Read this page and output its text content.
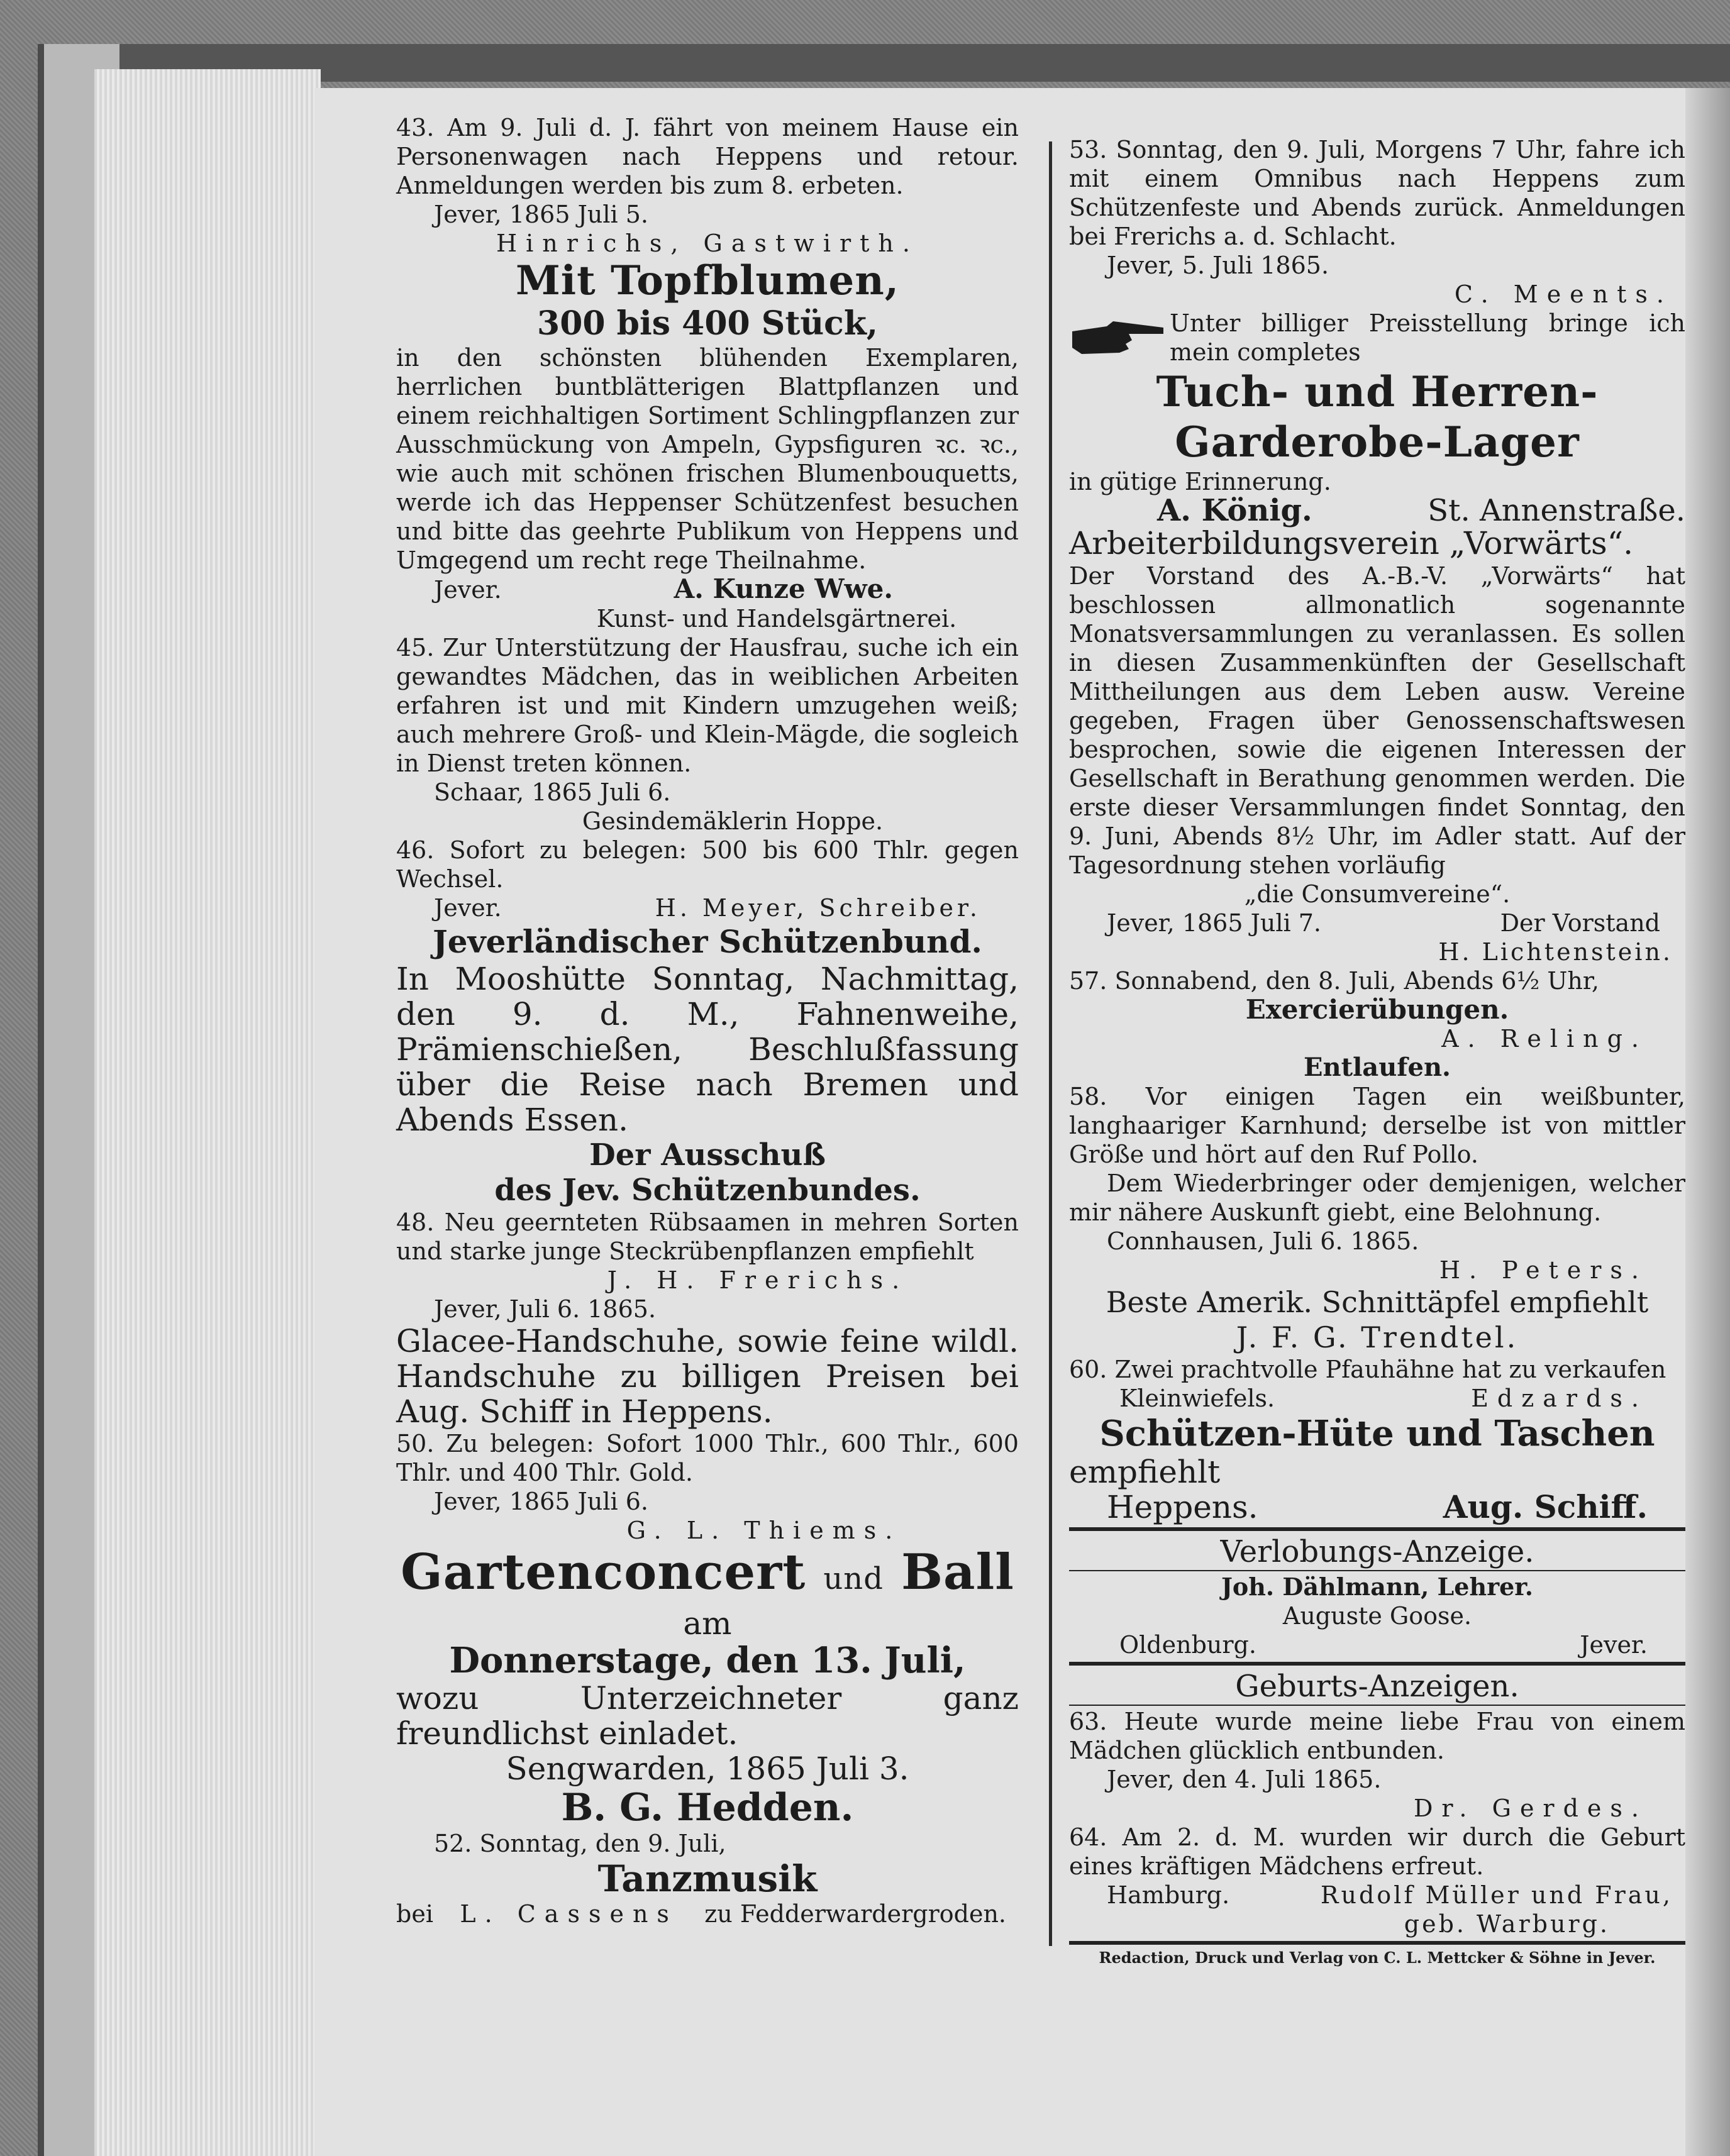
43. Am 9. Juli d. J. fährt von meinem Hause ein Personenwagen nach Heppens und retour. Anmeldungen werden bis zum 8. erbeten.

Jever, 1865 Juli 5.

Hinrichs, Gastwirth.

Mit Topfblumen,
300 bis 400 Stück,

in den schönsten blühenden Exemplaren, herrlichen buntblätterigen Blattpflanzen und einem reichhaltigen Sortiment Schlingpflanzen zur Ausschmückung von Ampeln, Gypsfiguren ꝛc. ꝛc., wie auch mit schönen frischen Blumenbouquetts, werde ich das Heppenser Schützenfest besuchen und bitte das geehrte Publikum von Heppens und Umgegend um recht rege Theilnahme.

Jever.	A. Kunze Wwe.

Kunst- und Handelsgärtnerei.

45. Zur Unterstützung der Hausfrau, suche ich ein gewandtes Mädchen, das in weiblichen Arbeiten erfahren ist und mit Kindern umzugehen weiß; auch mehrere Groß- und Klein-Mägde, die sogleich in Dienst treten können.

Schaar, 1865 Juli 6.

Gesindemäklerin Hoppe.

46. Sofort zu belegen: 500 bis 600 Thlr. gegen Wechsel.

Jever.	H. Meyer, Schreiber.
Jeverländischer Schützenbund.

In Mooshütte Sonntag, Nachmittag, den 9. d. M., Fahnenweihe, Prämienschießen, Beschlußfassung über die Reise nach Bremen und Abends Essen.

Der Ausschuß
des Jev. Schützenbundes.

48. Neu geernteten Rübsaamen in mehren Sorten und starke junge Steckrübenpflanzen empfiehlt

J. H. Frerichs.

Jever, Juli 6. 1865.

Glacee-Handschuhe, sowie feine wildl. Handschuhe zu billigen Preisen bei Aug. Schiff in Heppens.

50. Zu belegen: Sofort 1000 Thlr., 600 Thlr., 600 Thlr. und 400 Thlr. Gold.

Jever, 1865 Juli 6.

G. L. Thiems.

Gartenconcert und Ball
am
Donnerstage, den 13. Juli,

wozu Unterzeichneter ganz freundlichst einladet.

Sengwarden, 1865 Juli 3.

B. G. Hedden.

52. Sonntag, den 9. Juli,

Tanzmusik
bei L. Cassens zu Fedderwardergroden.

53. Sonntag, den 9. Juli, Morgens 7 Uhr, fahre ich mit einem Omnibus nach Heppens zum Schützenfeste und Abends zurück. Anmeldungen bei Frerichs a. d. Schlacht.

Jever, 5. Juli 1865.

C. Meents.

Unter billiger Preisstellung bringe ich mein completes

Tuch- und Herren-
Garderobe-Lager

in gütige Erinnerung.

A. König.	St. Annenstraße.

Arbeiterbildungsverein „Vorwärts“.

Der Vorstand des A.-B.-V. „Vorwärts“ hat beschlossen allmonatlich sogenannte Monatsversammlungen zu veranlassen. Es sollen in diesen Zusammenkünften der Gesellschaft Mittheilungen aus dem Leben ausw. Vereine gegeben, Fragen über Genossenschaftswesen besprochen, sowie die eigenen Interessen der Gesellschaft in Berathung genommen werden. Die erste dieser Versammlungen findet Sonntag, den 9. Juni, Abends 8½ Uhr, im Adler statt. Auf der Tagesordnung stehen vorläufig

„die Consumvereine“.

Jever, 1865 Juli 7.	Der Vorstand

H. Lichtenstein.

57. Sonnabend, den 8. Juli, Abends 6½ Uhr,

Exercierübungen.

A. Reling.

Entlaufen.

58. Vor einigen Tagen ein weißbunter, langhaariger Karnhund; derselbe ist von mittler Größe und hört auf den Ruf Pollo.

Dem Wiederbringer oder demjenigen, welcher mir nähere Auskunft giebt, eine Belohnung.

Connhausen, Juli 6. 1865.

H. Peters.

Beste Amerik. Schnittäpfel empfiehlt

J. F. G. Trendtel.

60. Zwei prachtvolle Pfauhähne hat zu verkaufen

Kleinwiefels.	Edzards.
Schützen-Hüte und Taschen

empfiehlt

Heppens.	Aug. Schiff.

Verlobungs-Anzeige.

Joh. Dählmann, Lehrer.

Auguste Goose.

Oldenburg.	Jever.

Geburts-Anzeigen.

63. Heute wurde meine liebe Frau von einem Mädchen glücklich entbunden.

Jever, den 4. Juli 1865.

Dr. Gerdes.

64. Am 2. d. M. wurden wir durch die Geburt eines kräftigen Mädchens erfreut.

Hamburg.	Rudolf Müller und Frau,

geb. Warburg.

Redaction, Druck und Verlag von C. L. Mettcker & Söhne in Jever.
